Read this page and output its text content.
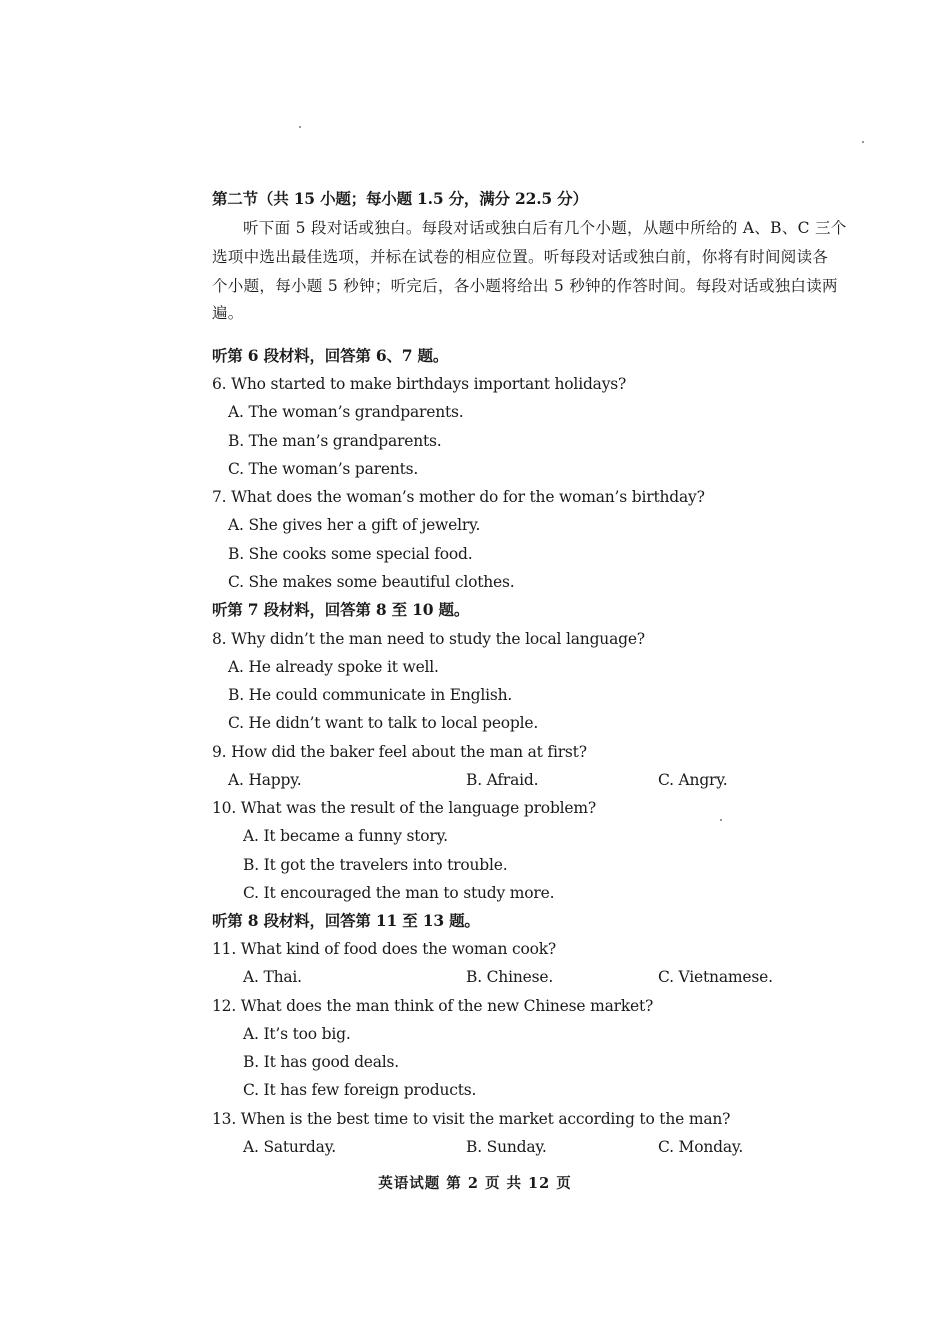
第二节（共 15 小题；每小题 1.5 分，满分 22.5 分）
听下面 5 段对话或独白。每段对话或独白后有几个小题，从题中所给的 A、B、C 三个
选项中选出最佳选项，并标在试卷的相应位置。听每段对话或独白前，你将有时间阅读各
个小题，每小题 5 秒钟；听完后，各小题将给出 5 秒钟的作答时间。每段对话或独白读两
遍。
听第 6 段材料，回答第 6、7 题。
6. Who started to make birthdays important holidays?
A. The woman’s grandparents.
B. The man’s grandparents.
C. The woman’s parents.
7. What does the woman’s mother do for the woman’s birthday?
A. She gives her a gift of jewelry.
B. She cooks some special food.
C. She makes some beautiful clothes.
听第 7 段材料，回答第 8 至 10 题。
8. Why didn’t the man need to study the local language?
A. He already spoke it well.
B. He could communicate in English.
C. He didn’t want to talk to local people.
9. How did the baker feel about the man at first?
A. Happy.	B. Afraid.	C. Angry.
10. What was the result of the language problem?
A. It became a funny story.
B. It got the travelers into trouble.
C. It encouraged the man to study more.
听第 8 段材料，回答第 11 至 13 题。
11. What kind of food does the woman cook?
A. Thai.	B. Chinese.	C. Vietnamese.
12. What does the man think of the new Chinese market?
A. It’s too big.
B. It has good deals.
C. It has few foreign products.
13. When is the best time to visit the market according to the man?
A. Saturday.	B. Sunday.	C. Monday.
英语试题 第 2 页 共 12 页
